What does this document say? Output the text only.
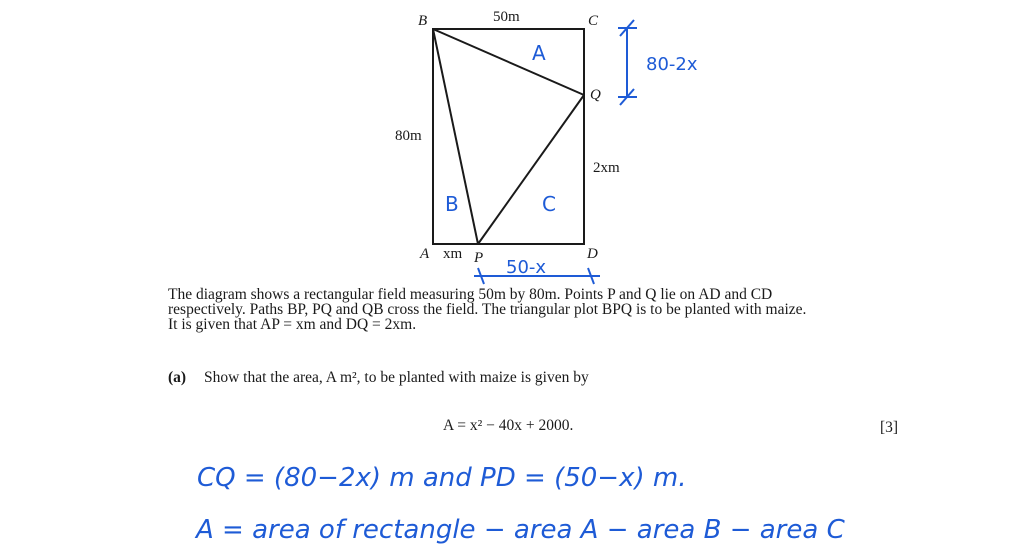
B	C
Q
A	P	D
50m
80m
xm
2xm
A
B	C
80-2x
50-x
The diagram shows a rectangular field measuring 50m by 80m. Points P and Q lie on AD and CD
respectively. Paths BP, PQ and QB cross the field. The triangular plot BPQ is to be planted with maize.
It is given that AP = xm and DQ = 2xm.
(a) Show that the area, A m², to be planted with maize is given by
A = x² − 40x + 2000.	[3]
CQ = (80−2x) m and PD = (50−x) m.
A = area of rectangle − area A − area B − area C
